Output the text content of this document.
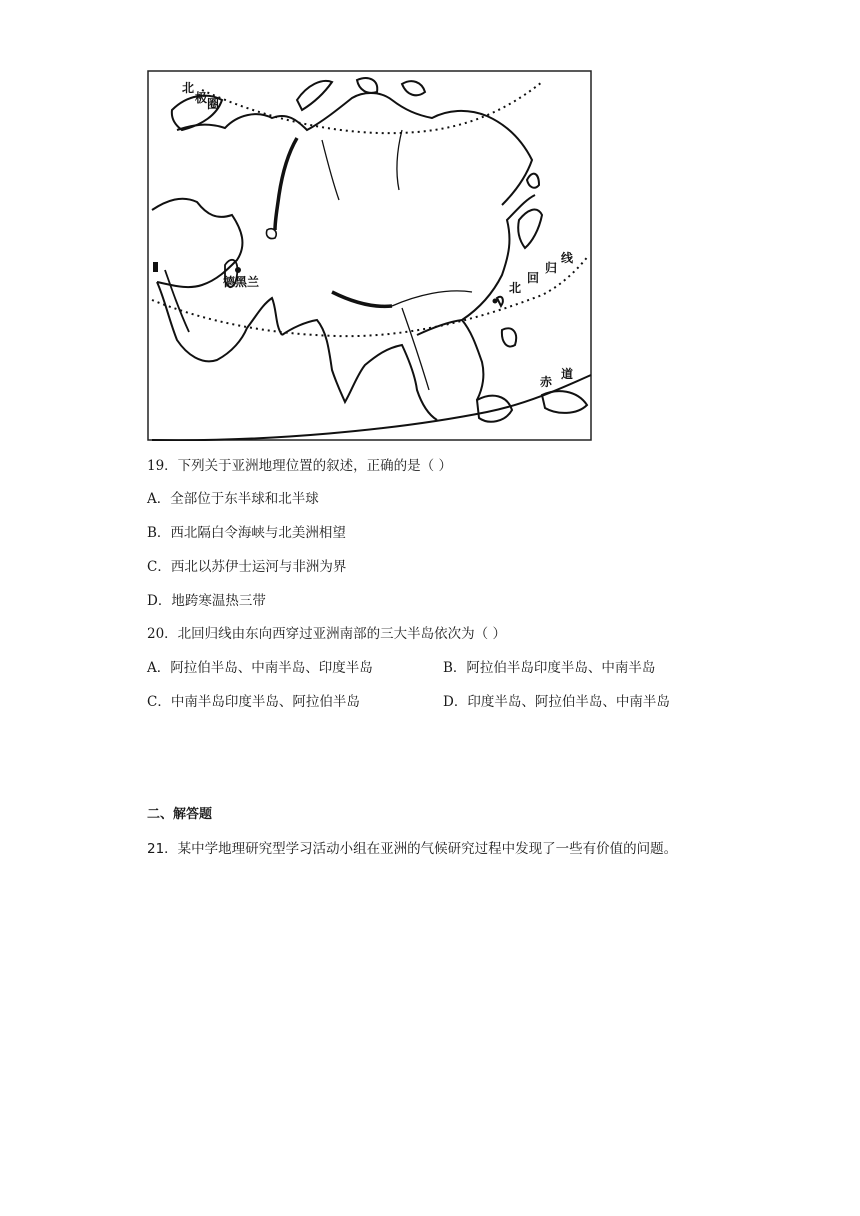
北
极 圈
德黑兰	北
回
归
线
赤
道
19．下列关于亚洲地理位置的叙述，正确的是（ ）
A．全部位于东半球和北半球
B．西北隔白令海峡与北美洲相望
C．西北以苏伊士运河与非洲为界
D．地跨寒温热三带
20．北回归线由东向西穿过亚洲南部的三大半岛依次为（ ）
A．阿拉伯半岛、中南半岛、印度半岛	B．阿拉伯半岛印度半岛、中南半岛
C．中南半岛印度半岛、阿拉伯半岛	D．印度半岛、阿拉伯半岛、中南半岛
二、解答题
21．某中学地理研究型学习活动小组在亚洲的气候研究过程中发现了一些有价值的问题。
